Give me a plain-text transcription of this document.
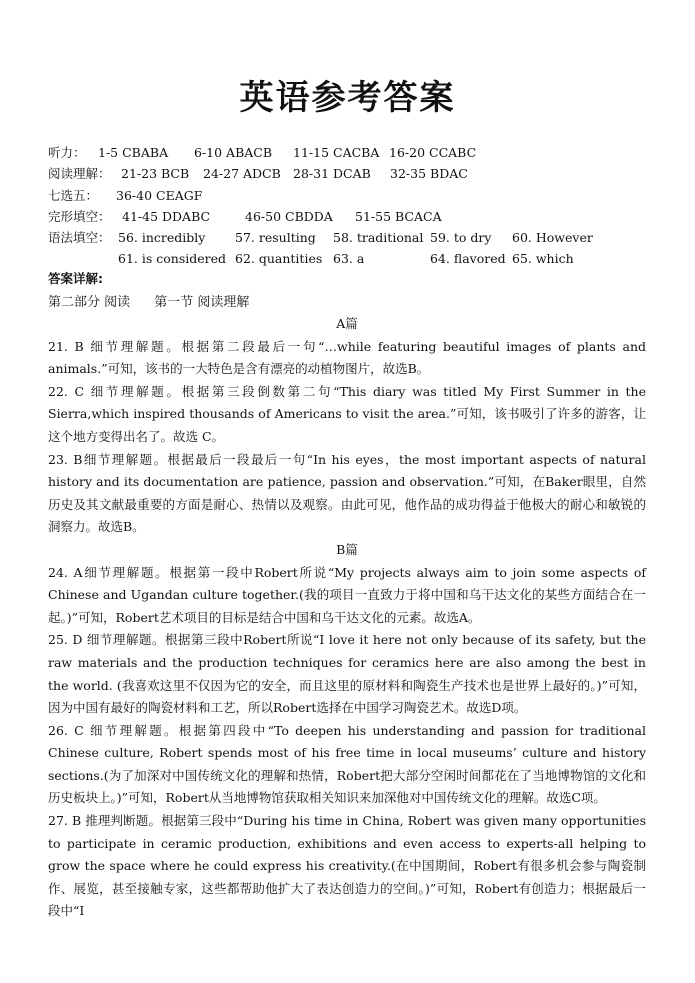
英语参考答案
听力： 1-5 CBABA 6-10 ABACB 11-15 CACBA 16-20 CCABC
阅读理解： 21-23 BCB 24-27 ADCB 28-31 DCAB 32-35 BDAC
七选五： 36-40 CEAGF
完形填空： 41-45 DDABC	46-50 CBDDA 51-55 BCACA
语法填空： 56. incredibly 57. resulting 58. traditional 59. to dry 60. However
61. is considered 62. quantities 63. a	64. flavored 65. which
答案详解:
第二部分 阅读 第一节 阅读理解

A篇

21. B 细节理解题。根据第二段最后一句“…while featuring beautiful images of plants and animals.”可知，该书的一大特色是含有漂亮的动植物图片，故选B。

22. C 细节理解题。根据第三段倒数第二句“This diary was titled My First Summer in the Sierra,which inspired thousands of Americans to visit the area.”可知，该书吸引了许多的游客，让这个地方变得出名了。故选 C。

23. B细节理解题。根据最后一段最后一句“In his eyes，the most important aspects of natural history and its documentation are patience, passion and observation.”可知，在Baker眼里，自然历史及其文献最重要的方面是耐心、热情以及观察。由此可见，他作品的成功得益于他极大的耐心和敏锐的洞察力。故选B。

B篇

24. A细节理解题。根据第一段中Robert所说“My projects always aim to join some aspects of Chinese and Ugandan culture together.(我的项目一直致力于将中国和乌干达文化的某些方面结合在一起。)”可知，Robert艺术项目的目标是结合中国和乌干达文化的元素。故选A。

25. D 细节理解题。根据第三段中Robert所说“I love it here not only because of its safety, but the raw materials and the production techniques for ceramics here are also among the best in the world. (我喜欢这里不仅因为它的安全，而且这里的原材料和陶瓷生产技术也是世界上最好的。)”可知，因为中国有最好的陶瓷材料和工艺，所以Robert选择在中国学习陶瓷艺术。故选D项。

26. C 细节理解题。根据第四段中“To deepen his understanding and passion for traditional Chinese culture, Robert spends most of his free time in local museums’ culture and history sections.(为了加深对中国传统文化的理解和热情，Robert把大部分空闲时间都花在了当地博物馆的文化和历史板块上。)”可知，Robert从当地博物馆获取相关知识来加深他对中国传统文化的理解。故选C项。

27. B 推理判断题。根据第三段中“During his time in China, Robert was given many opportunities to participate in ceramic production, exhibitions and even access to experts-all helping to grow the space where he could express his creativity.(在中国期间，Robert有很多机会参与陶瓷制作、展览，甚至接触专家，这些都帮助他扩大了表达创造力的空间。)”可知，Robert有创造力；根据最后一段中“I
